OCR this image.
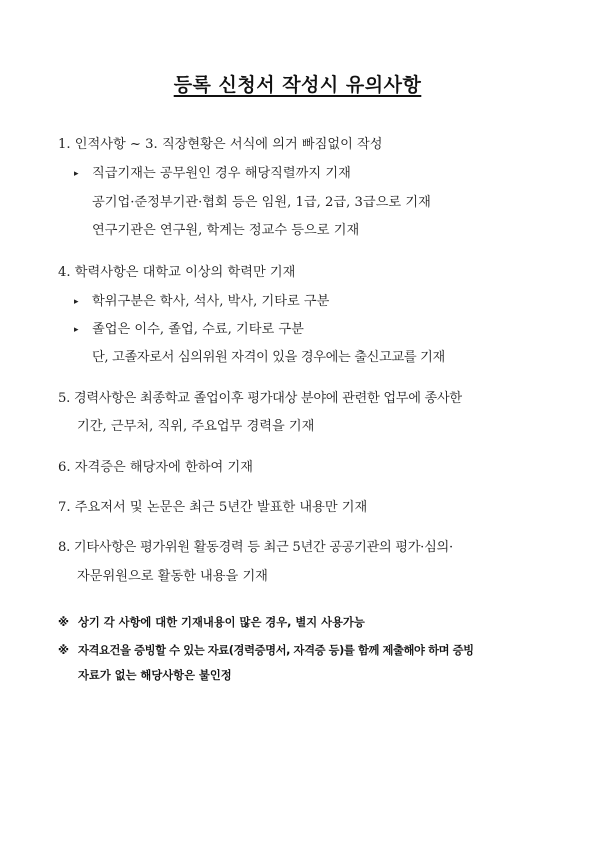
등록 신청서 작성시 유의사항
1. 인적사항 ~ 3. 직장현황은 서식에 의거 빠짐없이 작성
▸ 직급기재는 공무원인 경우 해당직렬까지 기재
공기업·준정부기관·협회 등은 임원, 1급, 2급, 3급으로 기재
연구기관은 연구원, 학계는 정교수 등으로 기재
4. 학력사항은 대학교 이상의 학력만 기재
▸ 학위구분은 학사, 석사, 박사, 기타로 구분
▸ 졸업은 이수, 졸업, 수료, 기타로 구분
단, 고졸자로서 심의위원 자격이 있을 경우에는 출신고교를 기재
5. 경력사항은 최종학교 졸업이후 평가대상 분야에 관련한 업무에 종사한
기간, 근무처, 직위, 주요업무 경력을 기재
6. 자격증은 해당자에 한하여 기재
7. 주요저서 및 논문은 최근 5년간 발표한 내용만 기재
8. 기타사항은 평가위원 활동경력 등 최근 5년간 공공기관의 평가·심의·
자문위원으로 활동한 내용을 기재
※ 상기 각 사항에 대한 기재내용이 많은 경우, 별지 사용가능
※ 자격요건을 증빙할 수 있는 자료(경력증명서, 자격증 등)를 함께 제출해야 하며 증빙
자료가 없는 해당사항은 불인정
